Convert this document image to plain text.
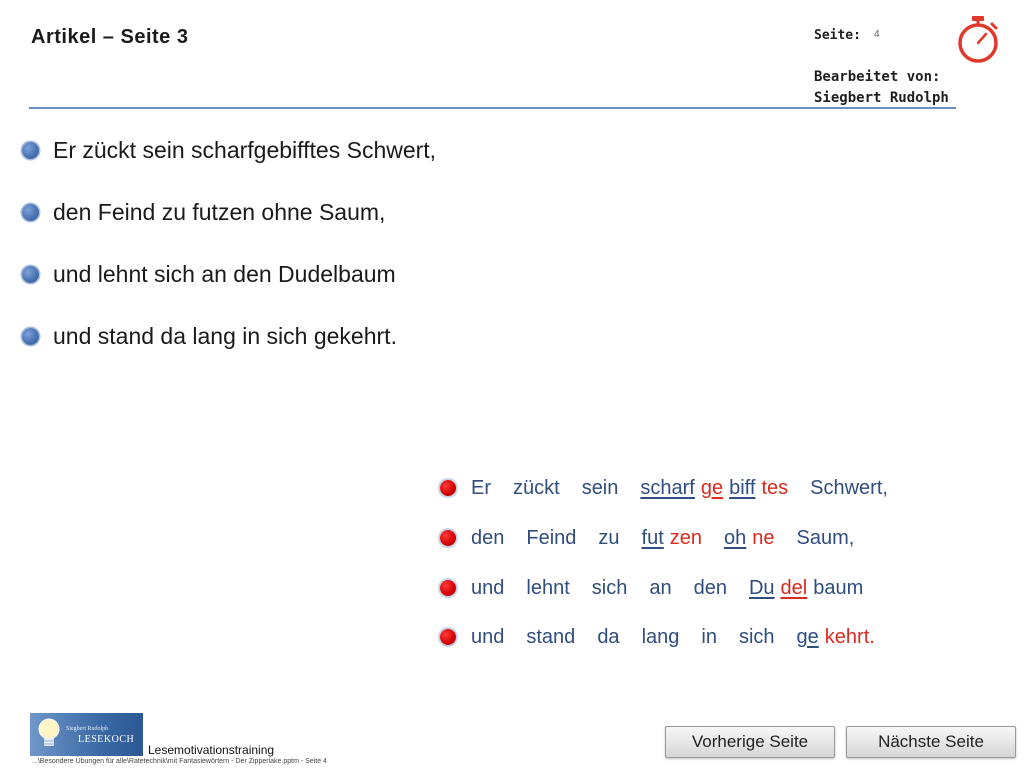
Artikel – Seite 3	Seite: 4
Bearbeitet von:
Siegbert Rudolph
Er zückt sein scharfgebifftes Schwert,
den Feind zu futzen ohne Saum,
und lehnt sich an den Dudelbaum
und stand da lang in sich gekehrt.
Er zückt sein scharf ge biff tes Schwert,
den Feind zu fut zen oh ne Saum,
und lehnt sich an den Du del baum
und stand da lang in sich ge kehrt.
Siegbert Rudolph
LESEKOCH
Lesemotivationstraining
...\Besondere Übungen für alle\Ratetechnik\mit Fantasiewörtern - Der Zipperlake.pptm - Seite 4
Vorherige Seite	Nächste Seite
